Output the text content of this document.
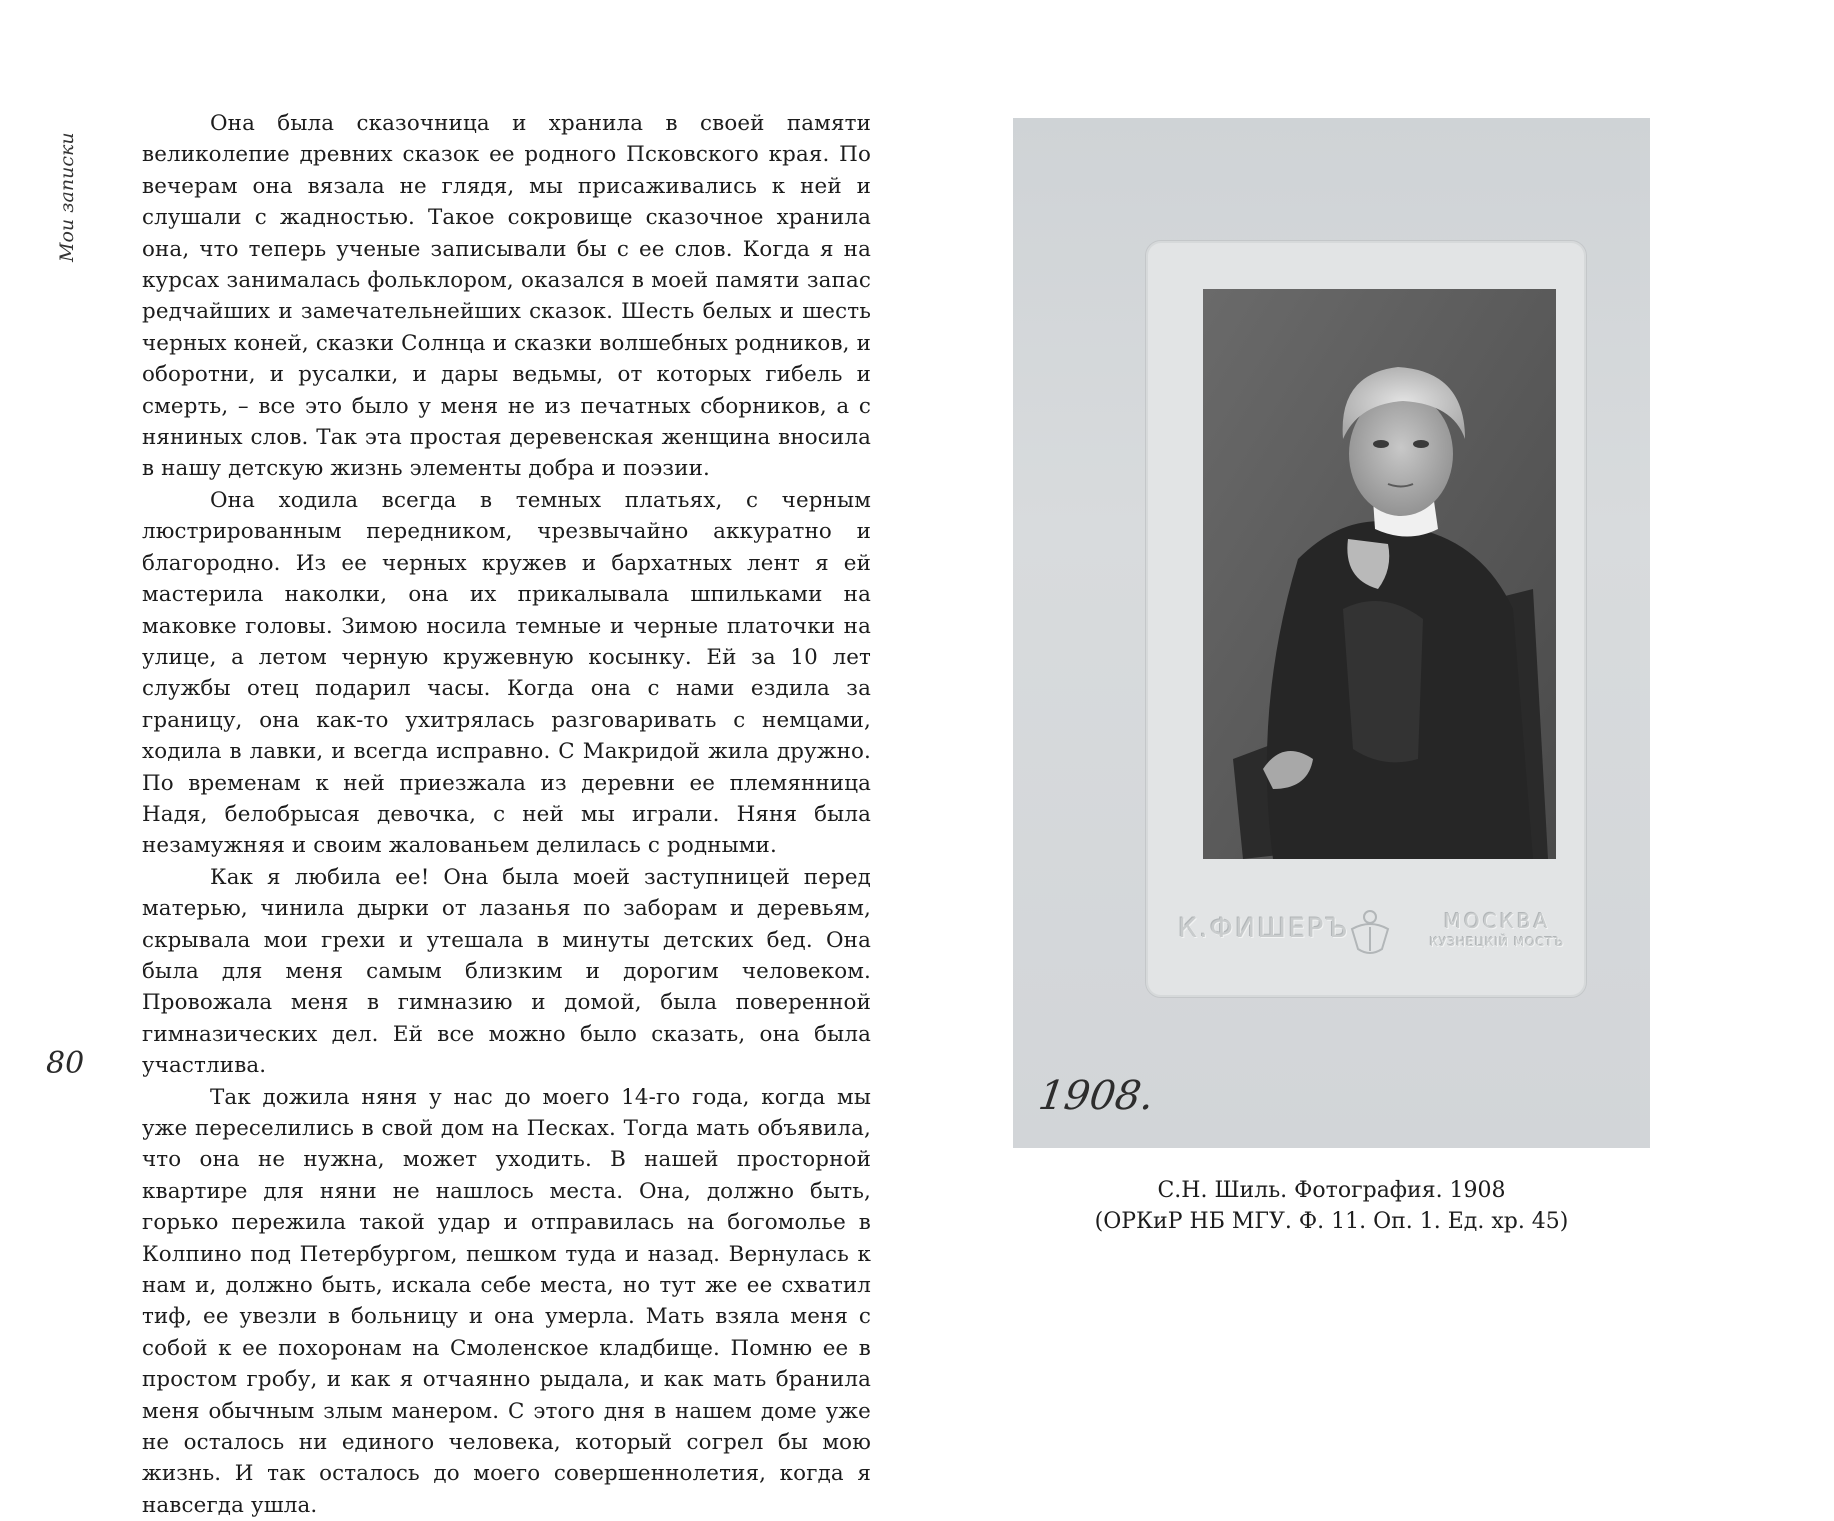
Мои записки

Она была сказочница и хранила в своей памяти великолепие древних сказок ее родного Псковского края. По вечерам она вязала не глядя, мы присаживались к ней и слушали с жадностью. Такое сокровище сказочное хранила она, что теперь ученые записывали бы с ее слов. Когда я на курсах занималась фольклором, оказался в моей памяти запас редчайших и замечательнейших сказок. Шесть белых и шесть черных коней, сказки Солнца и сказки волшебных родников, и оборотни, и русалки, и дары ведьмы, от которых гибель и смерть, – все это было у меня не из печатных сборников, а с няниных слов. Так эта простая деревенская женщина вносила в нашу детскую жизнь элементы добра и поэзии.

Она ходила всегда в темных платьях, с черным люстрированным передником, чрезвычайно аккуратно и благородно. Из ее черных кружев и бархатных лент я ей мастерила наколки, она их прикалывала шпильками на маковке головы. Зимою носила темные и черные платочки на улице, а летом черную кружевную косынку. Ей за 10 лет службы отец подарил часы. Когда она с нами ездила за границу, она как-то ухитрялась разговаривать с немцами, ходила в лавки, и всегда исправно. С Макридой жила дружно. По временам к ней приезжала из деревни ее племянница Надя, белобрысая девочка, с ней мы играли. Няня была незамужняя и своим жалованьем делилась с родными.

Как я любила ее! Она была моей заступницей перед матерью, чинила дырки от лазанья по заборам и деревьям, скрывала мои грехи и утешала в минуты детских бед. Она была для меня самым близким и дорогим человеком. Провожала меня в гимназию и домой, была поверенной гимназических дел. Ей все можно было сказать, она была участлива.

Так дожила няня у нас до моего 14-го года, когда мы уже переселились в свой дом на Песках. Тогда мать объявила, что она не нужна, может уходить. В нашей просторной квартире для няни не нашлось места. Она, должно быть, горько пережила такой удар и отправилась на богомолье в Колпино под Петербургом, пешком туда и назад. Вернулась к нам и, должно быть, искала себе места, но тут же ее схватил тиф, ее увезли в больницу и она умерла. Мать взяла меня с собой к ее похоронам на Смоленское кладбище. Помню ее в простом гробу, и как я отчаянно рыдала, и как мать бранила меня обычным злым манером. С этого дня в нашем доме уже не осталось ни единого человека, который согрел бы мою жизнь. И так осталось до моего совершеннолетия, когда я навсегда ушла.

80
К.ФИШЕРЪ	МОСКВА
КУЗНЕЦКIЙ МОСТЪ
1908.
С.Н. Шиль. Фотография. 1908
(ОРКиР НБ МГУ. Ф. 11. Оп. 1. Ед. хр. 45)
